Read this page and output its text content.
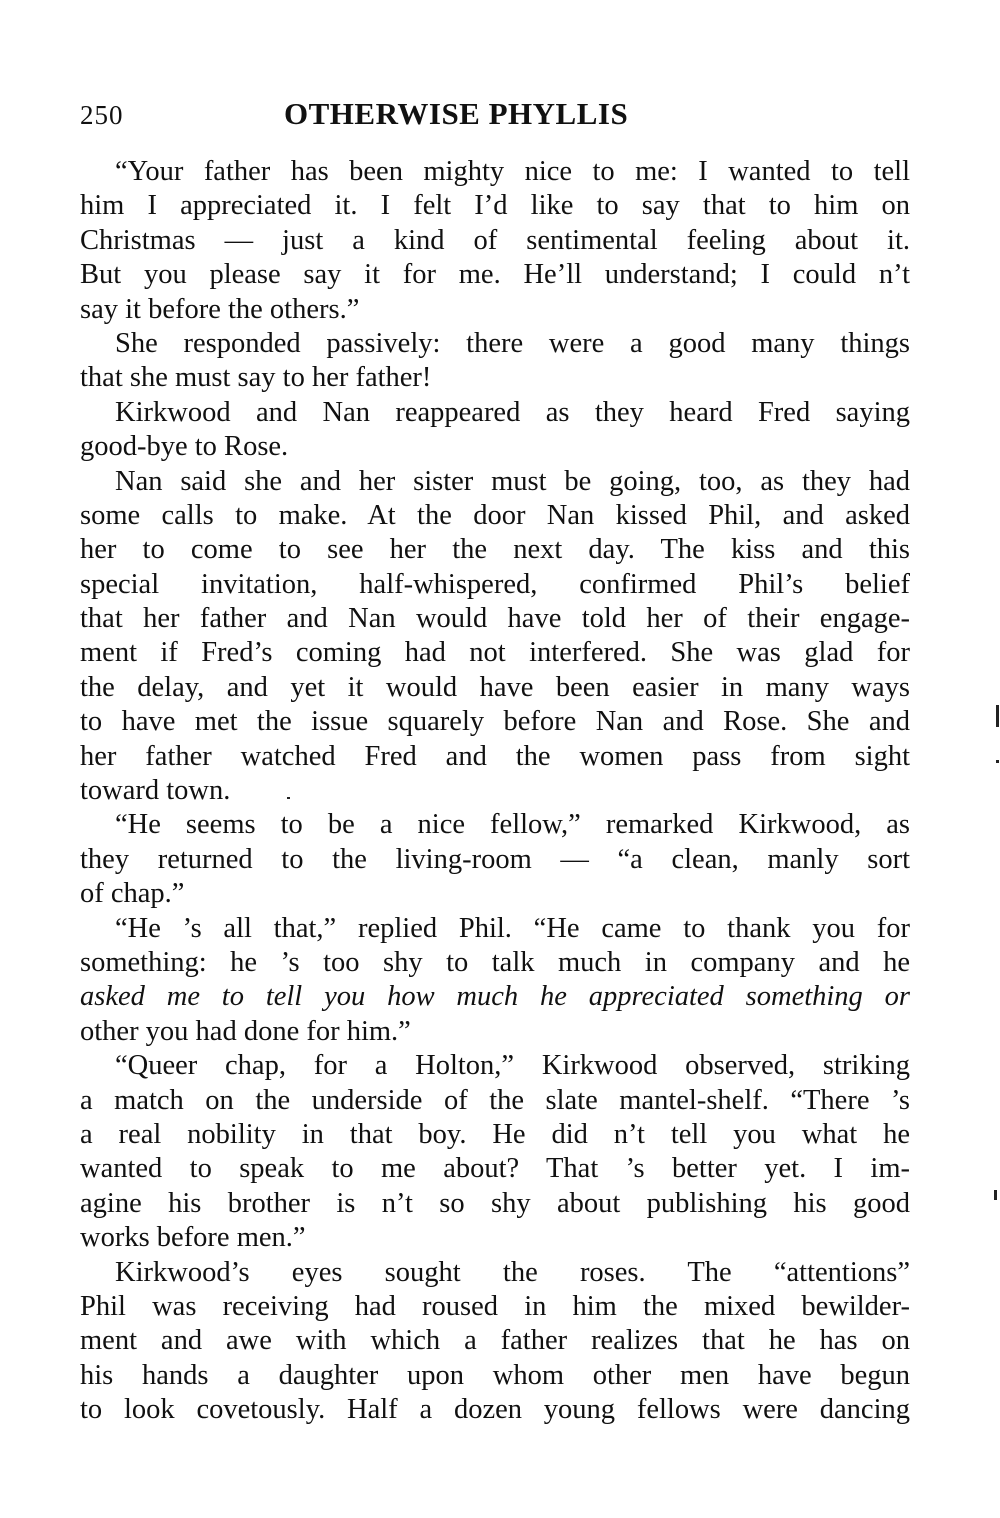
250	OTHERWISE PHYLLIS
“Your father has been mighty nice to me: I wanted to tell
him I appreciated it. I felt I’d like to say that to him on
Christmas — just a kind of sentimental feeling about it.
But you please say it for me. He’ll understand; I could n’t
say it before the others.”
She responded passively: there were a good many things
that she must say to her father!
Kirkwood and Nan reappeared as they heard Fred saying
good-bye to Rose.
Nan said she and her sister must be going, too, as they had
some calls to make. At the door Nan kissed Phil, and asked
her to come to see her the next day. The kiss and this
special invitation, half-whispered, confirmed Phil’s belief
that her father and Nan would have told her of their engage-
ment if Fred’s coming had not interfered. She was glad for
the delay, and yet it would have been easier in many ways
to have met the issue squarely before Nan and Rose. She and
her father watched Fred and the women pass from sight
toward town.
“He seems to be a nice fellow,” remarked Kirkwood, as
they returned to the living-room — “a clean, manly sort
of chap.”
“He ’s all that,” replied Phil. “He came to thank you for
something: he ’s too shy to talk much in company and he
asked me to tell you how much he appreciated something or
other you had done for him.”
“Queer chap, for a Holton,” Kirkwood observed, striking
a match on the underside of the slate mantel-shelf. “There ’s
a real nobility in that boy. He did n’t tell you what he
wanted to speak to me about? That ’s better yet. I im-
agine his brother is n’t so shy about publishing his good
works before men.”
Kirkwood’s eyes sought the roses. The “attentions”
Phil was receiving had roused in him the mixed bewilder-
ment and awe with which a father realizes that he has on
his hands a daughter upon whom other men have begun
to look covetously. Half a dozen young fellows were dancing
